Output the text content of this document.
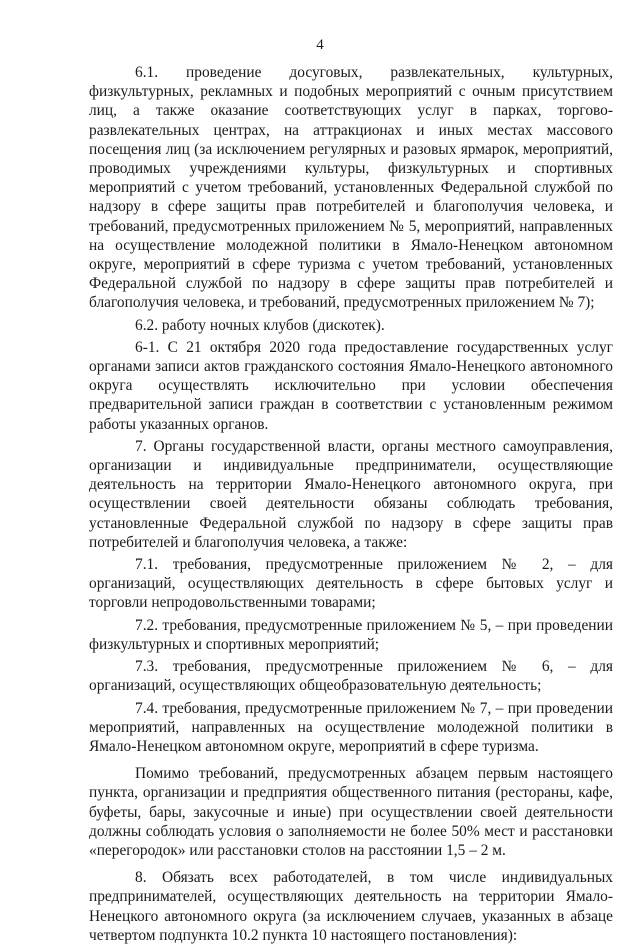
4

6.1. проведение досуговых, развлекательных, культурных, физкультурных, рекламных и подобных мероприятий с очным присутствием лиц, а также оказание соответствующих услуг в парках, торгово-развлекательных центрах, на аттракционах и иных местах массового посещения лиц (за исключением регулярных и разовых ярмарок, мероприятий, проводимых учреждениями культуры, физкультурных и спортивных мероприятий с учетом требований, установленных Федеральной службой по надзору в сфере защиты прав потребителей и благополучия человека, и требований, предусмотренных приложением № 5, мероприятий, направленных на осуществление молодежной политики в Ямало-Ненецком автономном округе, мероприятий в сфере туризма с учетом требований, установленных Федеральной службой по надзору в сфере защиты прав потребителей и благополучия человека, и требований, предусмотренных приложением № 7);

6.2. работу ночных клубов (дискотек).

6-1. С 21 октября 2020 года предоставление государственных услуг органами записи актов гражданского состояния Ямало-Ненецкого автономного округа осуществлять исключительно при условии обеспечения предварительной записи граждан в соответствии с установленным режимом работы указанных органов.

7. Органы государственной власти, органы местного самоуправления, организации и индивидуальные предприниматели, осуществляющие деятельность на территории Ямало-Ненецкого автономного округа, при осуществлении своей деятельности обязаны соблюдать требования, установленные Федеральной службой по надзору в сфере защиты прав потребителей и благополучия человека, а также:

7.1. требования, предусмотренные приложением № 2, – для организаций, осуществляющих деятельность в сфере бытовых услуг и торговли непродовольственными товарами;

7.2. требования, предусмотренные приложением № 5, – при проведении физкультурных и спортивных мероприятий;

7.3. требования, предусмотренные приложением № 6, – для организаций, осуществляющих общеобразовательную деятельность;

7.4. требования, предусмотренные приложением № 7, – при проведении мероприятий, направленных на осуществление молодежной политики в Ямало-Ненецком автономном округе, мероприятий в сфере туризма.

Помимо требований, предусмотренных абзацем первым настоящего пункта, организации и предприятия общественного питания (рестораны, кафе, буфеты, бары, закусочные и иные) при осуществлении своей деятельности должны соблюдать условия о заполняемости не более 50% мест и расстановки «перегородок» или расстановки столов на расстоянии 1,5 – 2 м.

8. Обязать всех работодателей, в том числе индивидуальных предпринимателей, осуществляющих деятельность на территории Ямало-Ненецкого автономного округа (за исключением случаев, указанных в абзаце четвертом подпункта 10.2 пункта 10 настоящего постановления):
